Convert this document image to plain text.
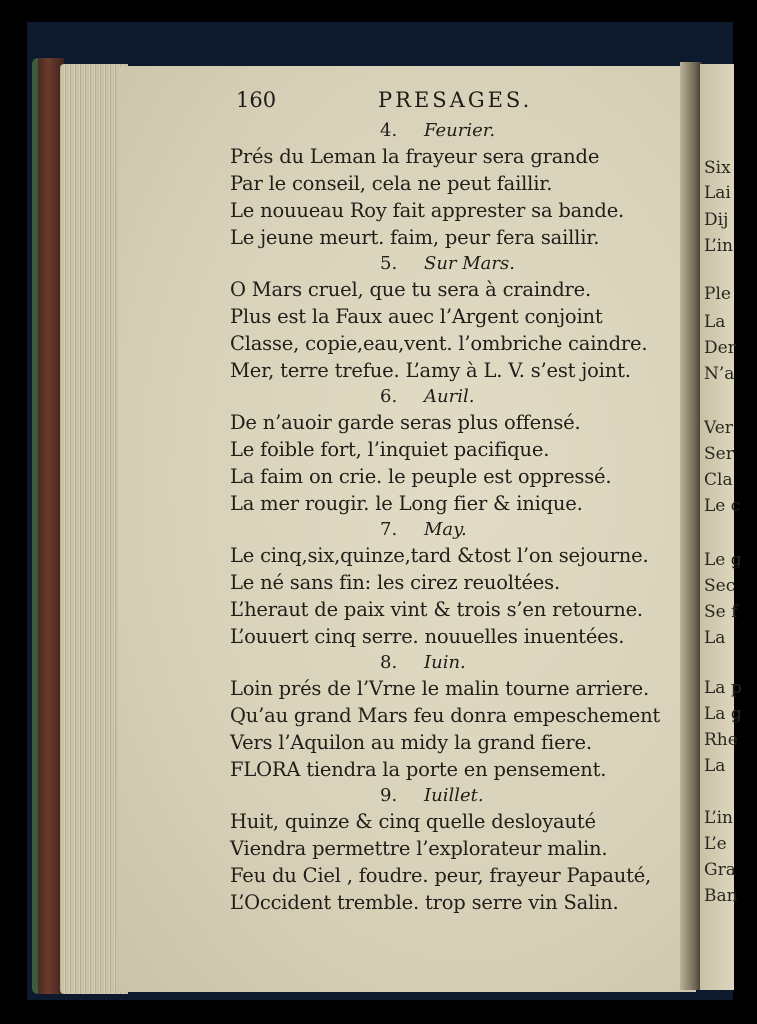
Six
Lai
Dij
L’in
Ple
La
Der
N’a
Ver
Ser
Cla
Le c
Le g
Sec
Se f
La
La p
La g
Rhe
La
L’in
L’e
Gra
Ban
160	PRESAGES.
4. Feurier.
Prés du Leman la frayeur sera grande
Par le conseil, cela ne peut faillir.
Le nouueau Roy fait apprester sa bande.
Le jeune meurt. faim, peur fera saillir.
5. Sur Mars.
O Mars cruel, que tu sera à craindre.
Plus est la Faux auec l’Argent conjoint
Classe, copie,eau,vent. l’ombriche caindre.
Mer, terre trefue. L’amy à L. V. s’est joint.
6. Auril.
De n’auoir garde seras plus offensé.
Le foible fort, l’inquiet pacifique.
La faim on crie. le peuple est oppressé.
La mer rougir. le Long fier & inique.
7. May.
Le cinq,six,quinze,tard &tost l’on sejourne.
Le né sans fin: les cirez reuoltées.
L’heraut de paix vint & trois s’en retourne.
L’ouuert cinq serre. nouuelles inuentées.
8. Iuin.
Loin prés de l’Vrne le malin tourne arriere.
Qu’au grand Mars feu donra empeschement
Vers l’Aquilon au midy la grand fiere.
FLORA tiendra la porte en pensement.
9. Iuillet.
Huit, quinze & cinq quelle desloyauté
Viendra permettre l’explorateur malin.
Feu du Ciel , foudre. peur, frayeur Papauté,
L’Occident tremble. trop serre vin Salin.
